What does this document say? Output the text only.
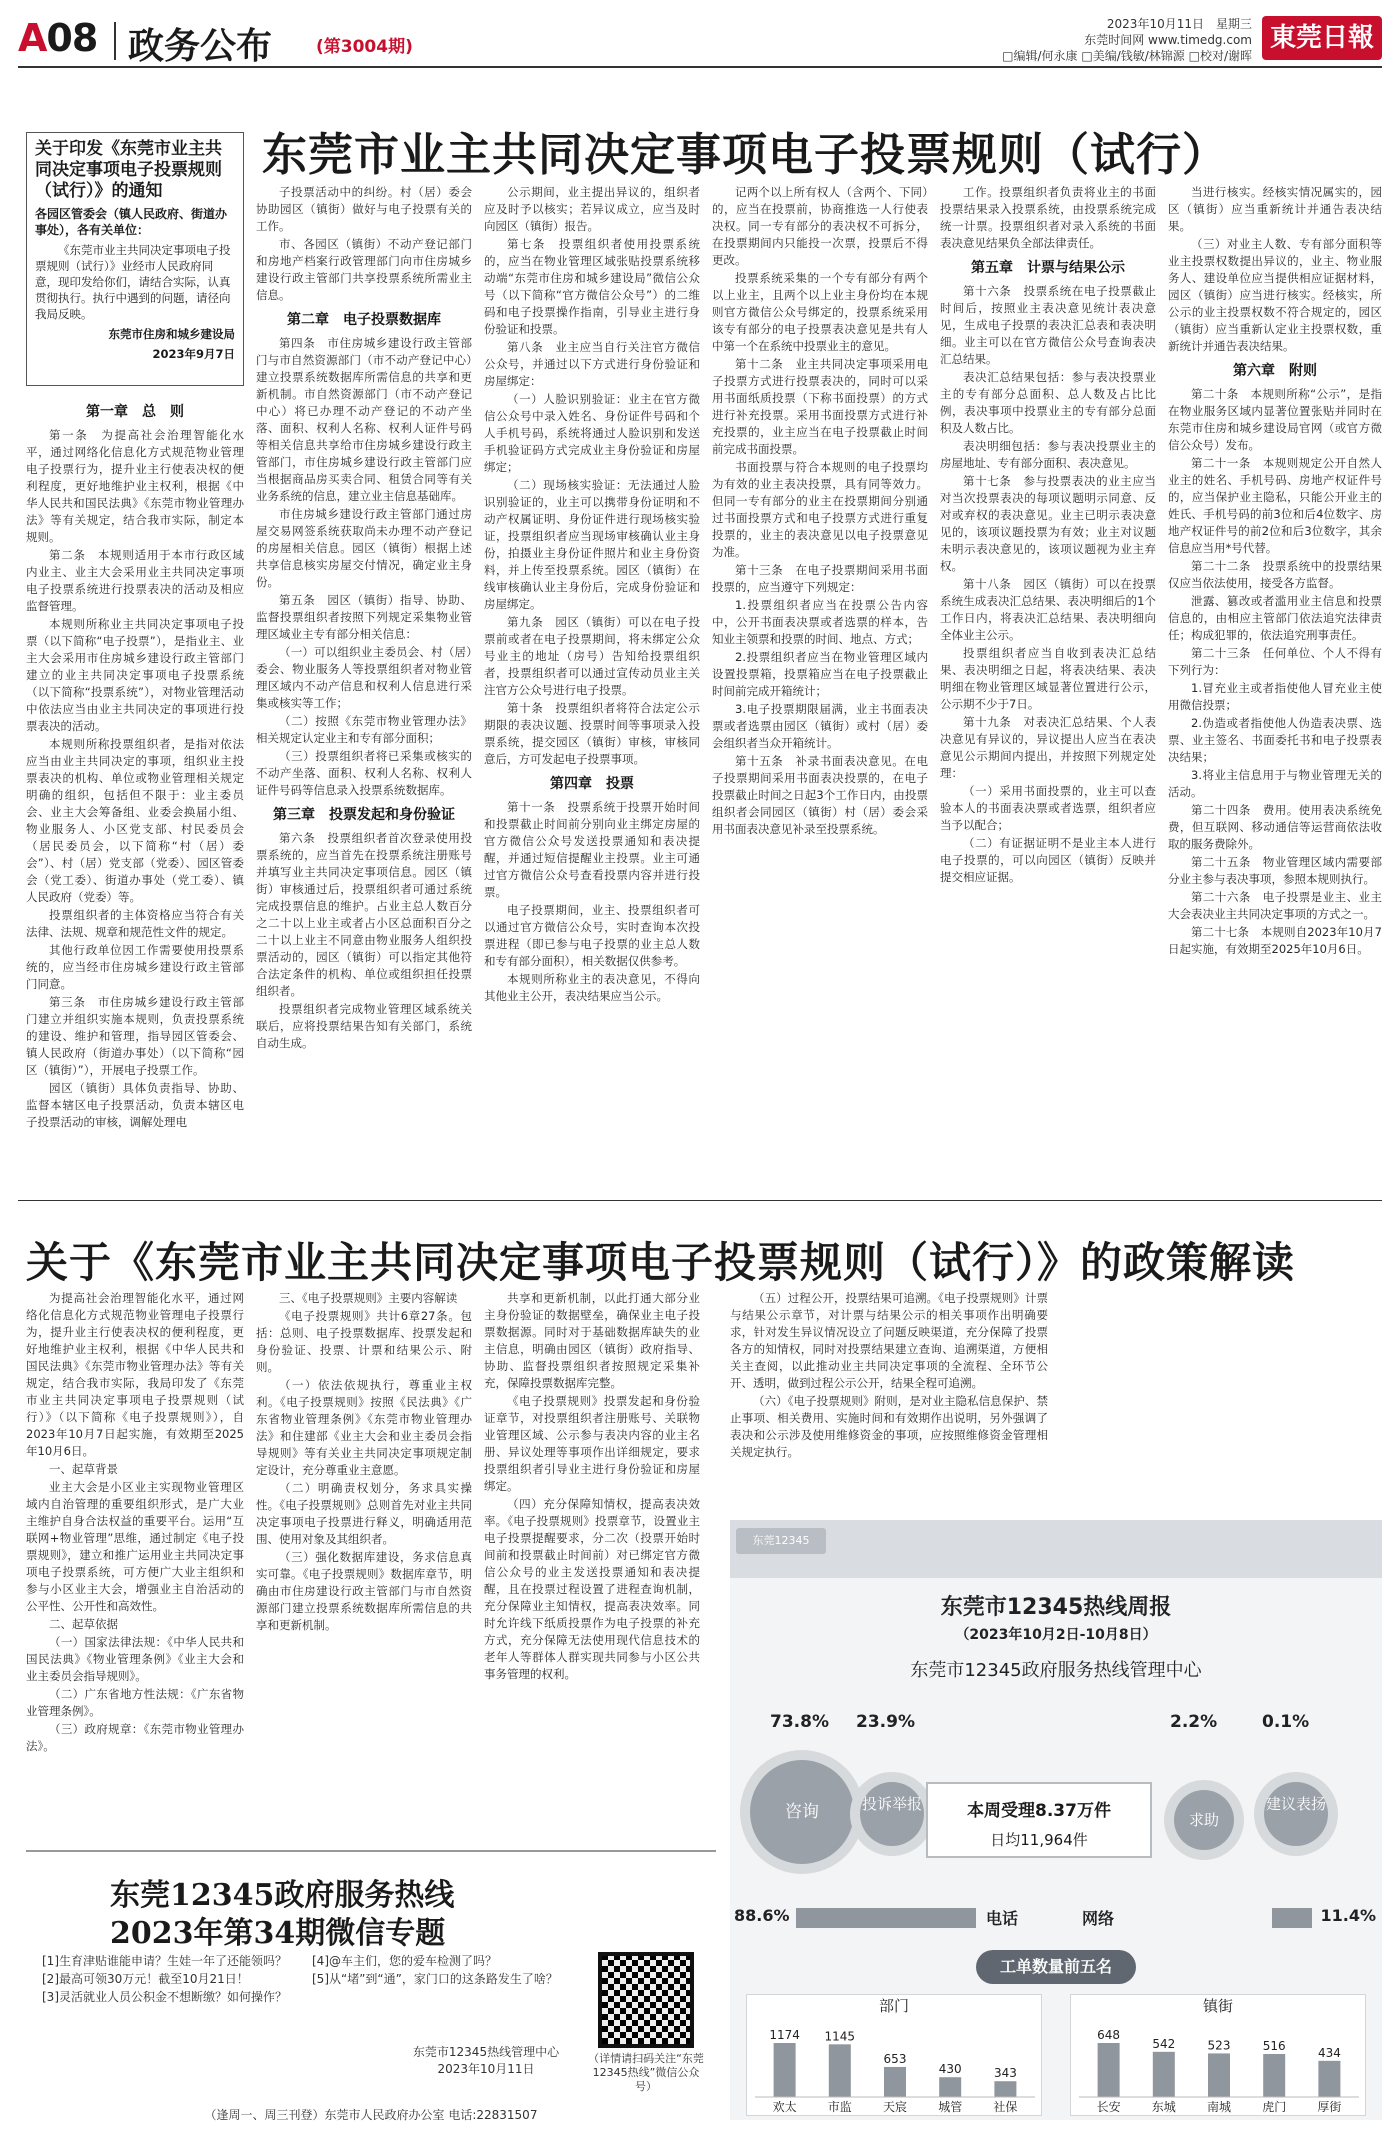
A08 政务公布	(第3004期)
2023年10月11日　星期三
东莞时间网 www.timedg.com
□编辑/何永康 □美编/钱敏/林锦源 □校对/谢晖
東莞日報
关于印发《东莞市业主共同决定事项电子投票规则（试行）》的通知
各园区管委会（镇人民政府、街道办事处），各有关单位：
《东莞市业主共同决定事项电子投票规则（试行）》业经市人民政府同意，现印发给你们，请结合实际，认真贯彻执行。执行中遇到的问题，请径向我局反映。
东莞市住房和城乡建设局
2023年9月7日
东莞市业主共同决定事项电子投票规则（试行）
第一章　总　则

第一条　为提高社会治理智能化水平，通过网络化信息化方式规范物业管理电子投票行为，提升业主行使表决权的便利程度，更好地维护业主权利，根据《中华人民共和国民法典》《东莞市物业管理办法》等有关规定，结合我市实际，制定本规则。

第二条　本规则适用于本市行政区域内业主、业主大会采用业主共同决定事项电子投票系统进行投票表决的活动及相应监督管理。

本规则所称业主共同决定事项电子投票（以下简称“电子投票”），是指业主、业主大会采用市住房城乡建设行政主管部门建立的业主共同决定事项电子投票系统（以下简称“投票系统”），对物业管理活动中依法应当由业主共同决定的事项进行投票表决的活动。

本规则所称投票组织者，是指对依法应当由业主共同决定的事项，组织业主投票表决的机构、单位或物业管理相关规定明确的组织，包括但不限于：业主委员会、业主大会筹备组、业委会换届小组、物业服务人、小区党支部、村民委员会（居民委员会，以下简称“村（居）委会”）、村（居）党支部（党委）、园区管委会（党工委）、街道办事处（党工委）、镇人民政府（党委）等。

投票组织者的主体资格应当符合有关法律、法规、规章和规范性文件的规定。

其他行政单位因工作需要使用投票系统的，应当经市住房城乡建设行政主管部门同意。

第三条　市住房城乡建设行政主管部门建立并组织实施本规则，负责投票系统的建设、维护和管理，指导园区管委会、镇人民政府（街道办事处）（以下简称“园区（镇街）”），开展电子投票工作。

园区（镇街）具体负责指导、协助、监督本辖区电子投票活动，负责本辖区电子投票活动的审核，调解处理电

子投票活动中的纠纷。村（居）委会协助园区（镇街）做好与电子投票有关的工作。

市、各园区（镇街）不动产登记部门和房地产档案行政管理部门向市住房城乡建设行政主管部门共享投票系统所需业主信息。

第二章　电子投票数据库

第四条　市住房城乡建设行政主管部门与市自然资源部门（市不动产登记中心）建立投票系统数据库所需信息的共享和更新机制。市自然资源部门（市不动产登记中心）将已办理不动产登记的不动产坐落、面积、权利人名称、权利人证件号码等相关信息共享给市住房城乡建设行政主管部门，市住房城乡建设行政主管部门应当根据商品房买卖合同、租赁合同等有关业务系统的信息，建立业主信息基础库。

市住房城乡建设行政主管部门通过房屋交易网签系统获取尚未办理不动产登记的房屋相关信息。园区（镇街）根据上述共享信息核实房屋交付情况，确定业主身份。

第五条　园区（镇街）指导、协助、监督投票组织者按照下列规定采集物业管理区域业主专有部分相关信息：

（一）可以组织业主委员会、村（居）委会、物业服务人等投票组织者对物业管理区域内不动产信息和权利人信息进行采集或核实等工作；

（二）按照《东莞市物业管理办法》相关规定认定业主和专有部分面积；

（三）投票组织者将已采集或核实的不动产坐落、面积、权利人名称、权利人证件号码等信息录入投票系统数据库。

第三章　投票发起和身份验证

第六条　投票组织者首次登录使用投票系统的，应当首先在投票系统注册账号并填写业主共同决定事项信息。园区（镇街）审核通过后，投票组织者可通过系统完成投票信息的维护。占业主总人数百分之二十以上业主或者占小区总面积百分之二十以上业主不同意由物业服务人组织投票活动的，园区（镇街）可以指定其他符合法定条件的机构、单位或组织担任投票组织者。

投票组织者完成物业管理区域系统关联后，应将投票结果告知有关部门，系统自动生成。

公示期间，业主提出异议的，组织者应及时予以核实；若异议成立，应当及时向园区（镇街）报告。

第七条　投票组织者使用投票系统的，应当在物业管理区域张贴投票系统移动端“东莞市住房和城乡建设局”微信公众号（以下简称“官方微信公众号”）的二维码和电子投票操作指南，引导业主进行身份验证和投票。

第八条　业主应当自行关注官方微信公众号，并通过以下方式进行身份验证和房屋绑定：

（一）人脸识别验证：业主在官方微信公众号中录入姓名、身份证件号码和个人手机号码，系统将通过人脸识别和发送手机验证码方式完成业主身份验证和房屋绑定；

（二）现场核实验证：无法通过人脸识别验证的，业主可以携带身份证明和不动产权属证明、身份证件进行现场核实验证，投票组织者应当现场审核确认业主身份，拍摄业主身份证件照片和业主身份资料，并上传至投票系统。园区（镇街）在线审核确认业主身份后，完成身份验证和房屋绑定。

第九条　园区（镇街）可以在电子投票前或者在电子投票期间，将未绑定公众号业主的地址（房号）告知给投票组织者，投票组织者可以通过宣传动员业主关注官方公众号进行电子投票。

第十条　投票组织者将符合法定公示期限的表决议题、投票时间等事项录入投票系统，提交园区（镇街）审核，审核同意后，方可发起电子投票事项。

第四章　投票

第十一条　投票系统于投票开始时间和投票截止时间前分别向业主绑定房屋的官方微信公众号发送投票通知和表决提醒，并通过短信提醒业主投票。业主可通过官方微信公众号查看投票内容并进行投票。

电子投票期间，业主、投票组织者可以通过官方微信公众号，实时查询本次投票进程（即已参与电子投票的业主总人数和专有部分面积），相关数据仅供参考。

本规则所称业主的表决意见，不得向其他业主公开，表决结果应当公示。

记两个以上所有权人（含两个、下同）的，应当在投票前，协商推选一人行使表决权。同一专有部分的表决权不可拆分，在投票期间内只能投一次票，投票后不得更改。

投票系统采集的一个专有部分有两个以上业主，且两个以上业主身份均在本规则官方微信公众号绑定的，投票系统采用该专有部分的电子投票表决意见是共有人中第一个在系统中投票业主的意见。

第十二条　业主共同决定事项采用电子投票方式进行投票表决的，同时可以采用书面纸质投票（下称书面投票）的方式进行补充投票。采用书面投票方式进行补充投票的，业主应当在电子投票截止时间前完成书面投票。

书面投票与符合本规则的电子投票均为有效的业主表决投票，具有同等效力。但同一专有部分的业主在投票期间分别通过书面投票方式和电子投票方式进行重复投票的，业主的表决意见以电子投票意见为准。

第十三条　在电子投票期间采用书面投票的，应当遵守下列规定：

1.投票组织者应当在投票公告内容中，公开书面表决票或者选票的样本，告知业主领票和投票的时间、地点、方式；

2.投票组织者应当在物业管理区域内设置投票箱，投票箱应当在电子投票截止时间前完成开箱统计；

3.电子投票期限届满，业主书面表决票或者选票由园区（镇街）或村（居）委会组织者当众开箱统计。

第十五条　补录书面表决意见。在电子投票期间采用书面表决投票的，在电子投票截止时间之日起3个工作日内，由投票组织者会同园区（镇街）村（居）委会采用书面表决意见补录至投票系统。

工作。投票组织者负责将业主的书面投票结果录入投票系统，由投票系统完成统一计票。投票组织者对录入系统的书面表决意见结果负全部法律责任。

第五章　计票与结果公示

第十六条　投票系统在电子投票截止时间后，按照业主表决意见统计表决意见，生成电子投票的表决汇总表和表决明细。业主可以在官方微信公众号查询表决汇总结果。

表决汇总结果包括：参与表决投票业主的专有部分总面积、总人数及占比比例，表决事项中投票业主的专有部分总面积及人数占比。

表决明细包括：参与表决投票业主的房屋地址、专有部分面积、表决意见。

第十七条　参与投票表决的业主应当对当次投票表决的每项议题明示同意、反对或弃权的表决意见。业主已明示表决意见的，该项议题投票为有效；业主对议题未明示表决意见的，该项议题视为业主弃权。

第十八条　园区（镇街）可以在投票系统生成表决汇总结果、表决明细后的1个工作日内，将表决汇总结果、表决明细向全体业主公示。

投票组织者应当自收到表决汇总结果、表决明细之日起，将表决结果、表决明细在物业管理区域显著位置进行公示，公示期不少于7日。

第十九条　对表决汇总结果、个人表决意见有异议的，异议提出人应当在表决意见公示期间内提出，并按照下列规定处理：

（一）采用书面投票的，业主可以查验本人的书面表决票或者选票，组织者应当予以配合；

（二）有证据证明不是业主本人进行电子投票的，可以向园区（镇街）反映并提交相应证据。

当进行核实。经核实情况属实的，园区（镇街）应当重新统计并通告表决结果。

（三）对业主人数、专有部分面积等业主投票权数提出异议的，业主、物业服务人、建设单位应当提供相应证据材料，园区（镇街）应当进行核实。经核实，所公示的业主投票权数不符合规定的，园区（镇街）应当重新认定业主投票权数，重新统计并通告表决结果。

第六章　附则

第二十条　本规则所称“公示”，是指在物业服务区域内显著位置张贴并同时在东莞市住房和城乡建设局官网（或官方微信公众号）发布。

第二十一条　本规则规定公开自然人业主的姓名、手机号码、房地产权证件号的，应当保护业主隐私，只能公开业主的姓氏、手机号码的前3位和后4位数字、房地产权证件号的前2位和后3位数字，其余信息应当用*号代替。

第二十二条　投票系统中的投票结果仅应当依法使用，接受各方监督。

泄露、篡改或者滥用业主信息和投票信息的，由相应主管部门依法追究法律责任；构成犯罪的，依法追究刑事责任。

第二十三条　任何单位、个人不得有下列行为：

1.冒充业主或者指使他人冒充业主使用微信投票；

2.伪造或者指使他人伪造表决票、选票、业主签名、书面委托书和电子投票表决结果；

3.将业主信息用于与物业管理无关的活动。

第二十四条　费用。使用表决系统免费，但互联网、移动通信等运营商依法收取的服务费除外。

第二十五条　物业管理区域内需要部分业主参与表决事项，参照本规则执行。

第二十六条　电子投票是业主、业主大会表决业主共同决定事项的方式之一。

第二十七条　本规则自2023年10月7日起实施，有效期至2025年10月6日。

关于《东莞市业主共同决定事项电子投票规则（试行）》的政策解读

为提高社会治理智能化水平，通过网络化信息化方式规范物业管理电子投票行为，提升业主行使表决权的便利程度，更好地维护业主权利，根据《中华人民共和国民法典》《东莞市物业管理办法》等有关规定，结合我市实际，我局印发了《东莞市业主共同决定事项电子投票规则（试行）》（以下简称《电子投票规则》），自2023年10月7日起实施，有效期至2025年10月6日。

一、起草背景

业主大会是小区业主实现物业管理区域内自治管理的重要组织形式，是广大业主维护自身合法权益的重要平台。运用“互联网+物业管理”思维，通过制定《电子投票规则》，建立和推广运用业主共同决定事项电子投票系统，可方便广大业主组织和参与小区业主大会，增强业主自治活动的公平性、公开性和高效性。

二、起草依据

（一）国家法律法规：《中华人民共和国民法典》《物业管理条例》《业主大会和业主委员会指导规则》。

（二）广东省地方性法规：《广东省物业管理条例》。

（三）政府规章：《东莞市物业管理办法》。

三、《电子投票规则》主要内容解读

《电子投票规则》共计6章27条。包括：总则、电子投票数据库、投票发起和身份验证、投票、计票和结果公示、附则。

（一）依法依规执行，尊重业主权利。《电子投票规则》按照《民法典》《广东省物业管理条例》《东莞市物业管理办法》和住建部《业主大会和业主委员会指导规则》等有关业主共同决定事项规定制定设计，充分尊重业主意愿。

（二）明确责权划分，务求具实操性。《电子投票规则》总则首先对业主共同决定事项电子投票进行释义，明确适用范围、使用对象及其组织者。

（三）强化数据库建设，务求信息真实可靠。《电子投票规则》数据库章节，明确由市住房建设行政主管部门与市自然资源部门建立投票系统数据库所需信息的共享和更新机制。

共享和更新机制，以此打通大部分业主身份验证的数据壁垒，确保业主电子投票数据源。同时对于基础数据库缺失的业主信息，明确由园区（镇街）政府指导、协助、监督投票组织者按照规定采集补充，保障投票数据库完整。

《电子投票规则》投票发起和身份验证章节，对投票组织者注册账号、关联物业管理区域、公示参与表决内容的业主名册、异议处理等事项作出详细规定，要求投票组织者引导业主进行身份验证和房屋绑定。

（四）充分保障知情权，提高表决效率。《电子投票规则》投票章节，设置业主电子投票提醒要求，分二次（投票开始时间前和投票截止时间前）对已绑定官方微信公众号的业主发送投票通知和表决提醒，且在投票过程设置了进程查询机制，充分保障业主知情权，提高表决效率。同时允许线下纸质投票作为电子投票的补充方式，充分保障无法使用现代信息技术的老年人等群体人群实现共同参与小区公共事务管理的权利。

（五）过程公开，投票结果可追溯。《电子投票规则》计票与结果公示章节，对计票与结果公示的相关事项作出明确要求，针对发生异议情况设立了问题反映渠道，充分保障了投票各方的知情权，同时对投票结果建立查询、追溯渠道，方便相关主查阅，以此推动业主共同决定事项的全流程、全环节公开、透明，做到过程公示公开，结果全程可追溯。

（六）《电子投票规则》附则，是对业主隐私信息保护、禁止事项、相关费用、实施时间和有效期作出说明，另外强调了表决和公示涉及使用维修资金的事项，应按照维修资金管理相关规定执行。

东莞12345政府服务热线
2023年第34期微信专题
[1]生育津贴谁能申请？生娃一年了还能领吗？	[4]@车主们，您的爱车检测了吗？
[2]最高可领30万元！截至10月21日！	[5]从“堵”到“通”，家门口的这条路发生了啥？
[3]灵活就业人员公积金不想断缴？如何操作？
东莞市12345热线管理中心
2023年10月11日
（详情请扫码关注“东莞12345热线”微信公众号）
（逢周一、周三刊登）东莞市人民政府办公室 电话:22831507
东莞12345
东莞市12345热线周报
（2023年10月2日-10月8日）
东莞市12345政府服务热线管理中心
73.8% 23.9%	2.2%	0.1%
咨询	投诉举报
求助
建议表扬
本周受理8.37万件
日均11,964件
88.6%	电话	网络	11.4%
工单数量前五名
部门
1174
欢太
1145
市监
653
天宸
430
城管
343
社保
镇街
648
长安
542
东城
523
南城
516
虎门
434
厚街
